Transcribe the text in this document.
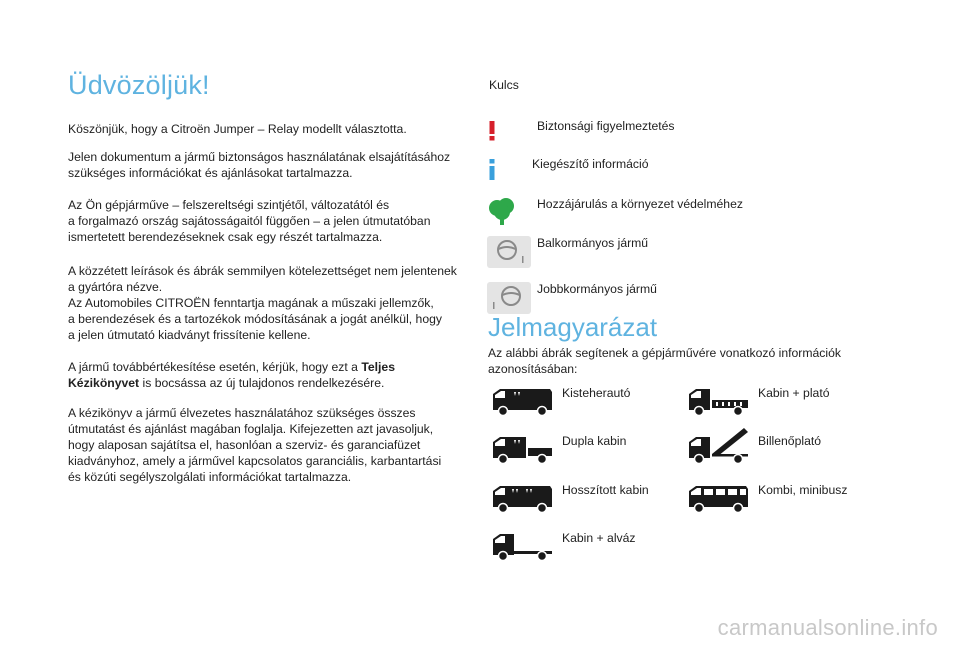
Üdvözöljük!

Köszönjük, hogy a Citroën Jumper – Relay modellt választotta.

Jelen dokumentum a jármű biztonságos használatának elsajátításához
szükséges információkat és ajánlásokat tartalmazza.

Az Ön gépjárműve – felszereltségi szintjétől, változatától és
a forgalmazó ország sajátosságaitól függően – a jelen útmutatóban
ismertetett berendezéseknek csak egy részét tartalmazza.

A közzétett leírások és ábrák semmilyen kötelezettséget nem jelentenek
a gyártóra nézve.
Az Automobiles CITROËN fenntartja magának a műszaki jellemzők,
a berendezések és a tartozékok módosításának a jogát anélkül, hogy
a jelen útmutató kiadványt frissítenie kellene.

A jármű továbbértékesítése esetén, kérjük, hogy ezt a Teljes
Kézikönyvet is bocsássa az új tulajdonos rendelkezésére.

A kézikönyv a jármű élvezetes használatához szükséges összes
útmutatást és ajánlást magában foglalja. Kifejezetten azt javasoljuk,
hogy alaposan sajátítsa el, hasonlóan a szerviz- és garanciafüzet
kiadványhoz, amely a járművel kapcsolatos garanciális, karbantartási
és közúti segélyszolgálati információkat tartalmazza.

Kulcs
Biztonsági figyelmeztetés
Kiegészítő információ
Hozzájárulás a környezet védelméhez
Balkormányos jármű
Jobbkormányos jármű
Jelmagyarázat
Az alábbi ábrák segítenek a gépjárművére vonatkozó információk
azonosításában:
Kisteherautó	Kabin + plató
Dupla kabin	Billenőplató
Hosszított kabin	Kombi, minibusz
Kabin + alváz
carmanualsonline.info
